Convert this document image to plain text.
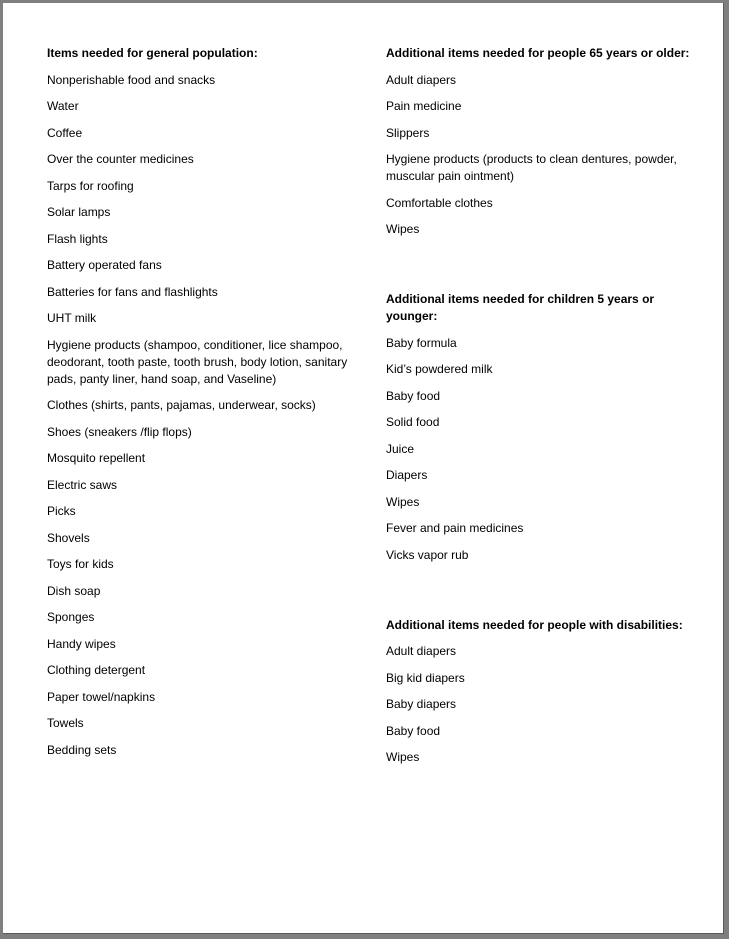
Items needed for general population:

Nonperishable food and snacks

Water

Coffee

Over the counter medicines

Tarps for roofing

Solar lamps

Flash lights

Battery operated fans

Batteries for fans and flashlights

UHT milk

Hygiene products (shampoo, conditioner, lice shampoo, deodorant, tooth paste, tooth brush, body lotion, sanitary pads, panty liner, hand soap, and Vaseline)

Clothes (shirts, pants, pajamas, underwear, socks)

Shoes (sneakers /flip flops)

Mosquito repellent

Electric saws

Picks

Shovels

Toys for kids

Dish soap

Sponges

Handy wipes

Clothing detergent

Paper towel/napkins

Towels

Bedding sets

Additional items needed for people 65 years or older:

Adult diapers

Pain medicine

Slippers

Hygiene products (products to clean dentures, powder, muscular pain ointment)

Comfortable clothes

Wipes

Additional items needed for children 5 years or younger:

Baby formula

Kid’s powdered milk

Baby food

Solid food

Juice

Diapers

Wipes

Fever and pain medicines

Vicks vapor rub

Additional items needed for people with disabilities:

Adult diapers

Big kid diapers

Baby diapers

Baby food

Wipes
